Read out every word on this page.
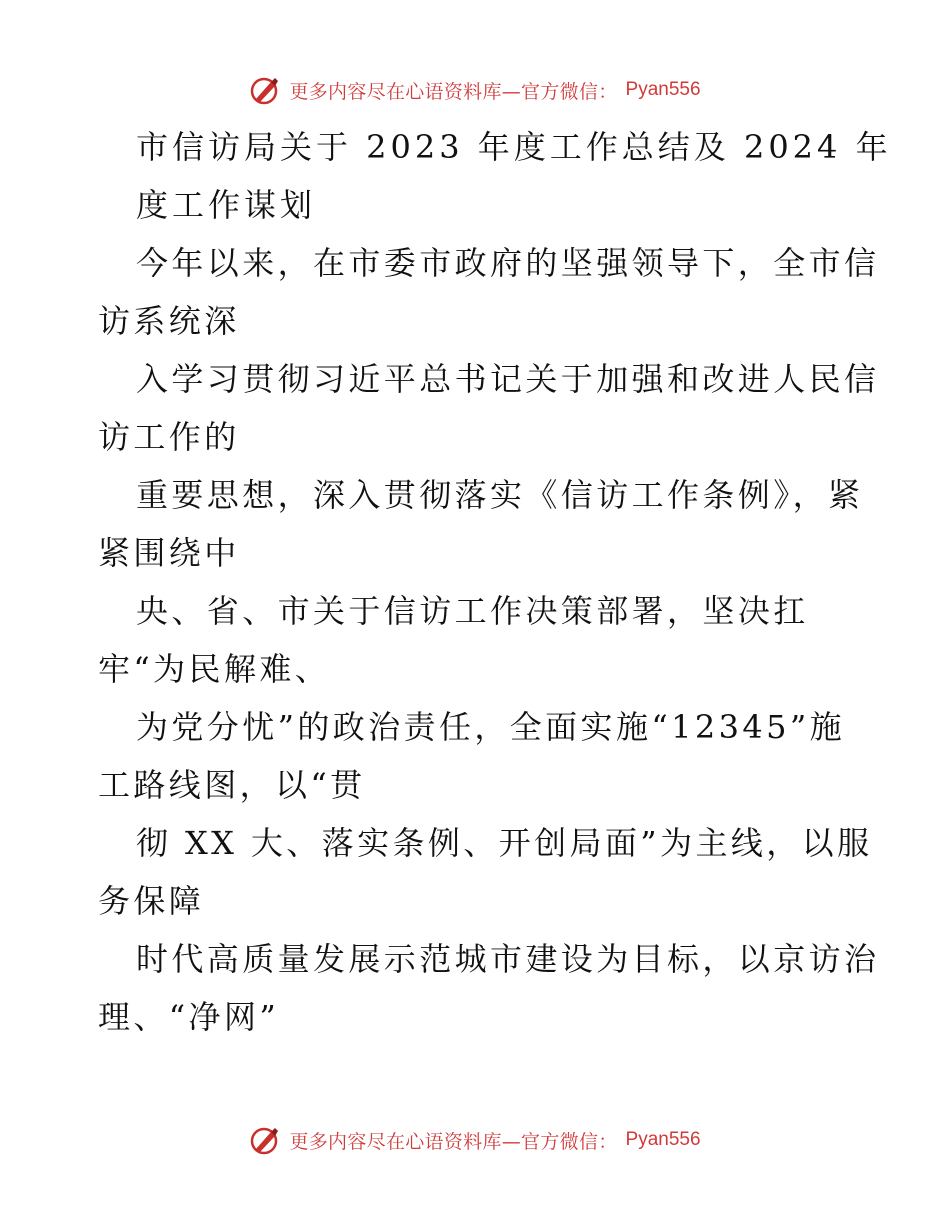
更多内容尽在心语资料库—官方微信： Pyan556
市信访局关于 2023 年度工作总结及 2024 年
度工作谋划
今年以来，在市委市政府的坚强领导下，全市信
访系统深
入学习贯彻习近平总书记关于加强和改进人民信
访工作的
重要思想，深入贯彻落实《信访工作条例》，紧
紧围绕中
央、省、市关于信访工作决策部署，坚决扛
牢“为民解难、
为党分忧”的政治责任，全面实施“12345”施
工路线图，以“贯
彻 XX 大、落实条例、开创局面”为主线，以服
务保障
时代高质量发展示范城市建设为目标，以京访治
理、“净网”
更多内容尽在心语资料库—官方微信： Pyan556
